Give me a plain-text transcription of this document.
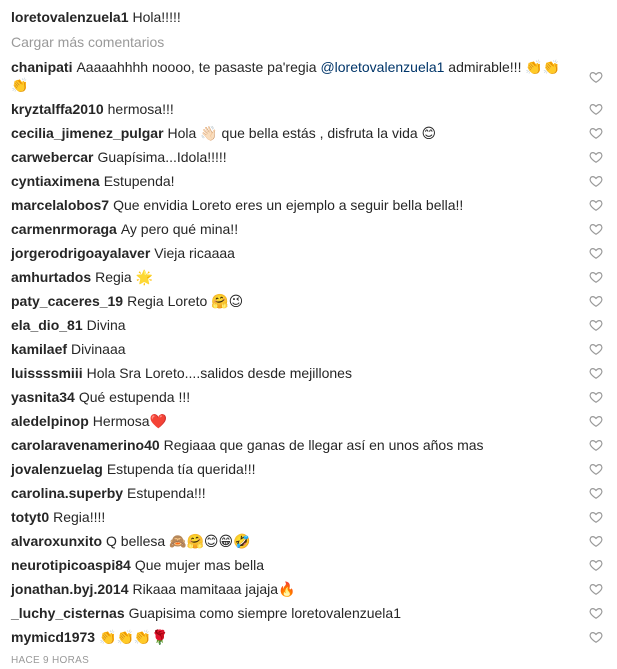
loretovalenzuela1 Hola!!!!!
Cargar más comentarios
chanipati Aaaaahhhh noooo, te pasaste pa'regia @loretovalenzuela1 admirable!!! 👏👏👏
kryztalffa2010 hermosa!!!
cecilia_jimenez_pulgar Hola 👋🏻 que bella estás , disfruta la vida 😊
carwebercar Guapísima...Idola!!!!!
cyntiaximena Estupenda!
marcelalobos7 Que envidia Loreto eres un ejemplo a seguir bella bella!!
carmenrmoraga Ay pero qué mina!!
jorgerodrigoayalaver Vieja ricaaaa
amhurtados Regia 🌟
paty_caceres_19 Regia Loreto 🤗😉
ela_dio_81 Divina
kamilaef Divinaaa
luissssmiii Hola Sra Loreto....salidos desde mejillones
yasnita34 Qué estupenda !!!
aledelpinop Hermosa❤️
carolaravenamerino40 Regiaaa que ganas de llegar así en unos años mas
jovalenzuelag Estupenda tía querida!!!
carolina.superby Estupenda!!!
totyt0 Regia!!!!
alvaroxunxito Q bellesa 🙈🤗😊😁🤣
neurotipicoaspi84 Que mujer mas bella
jonathan.byj.2014 Rikaaa mamitaaa jajaja🔥
_luchy_cisternas Guapisima como siempre loretovalenzuela1
mymicd1973 👏👏👏🌹
HACE 9 HORAS
